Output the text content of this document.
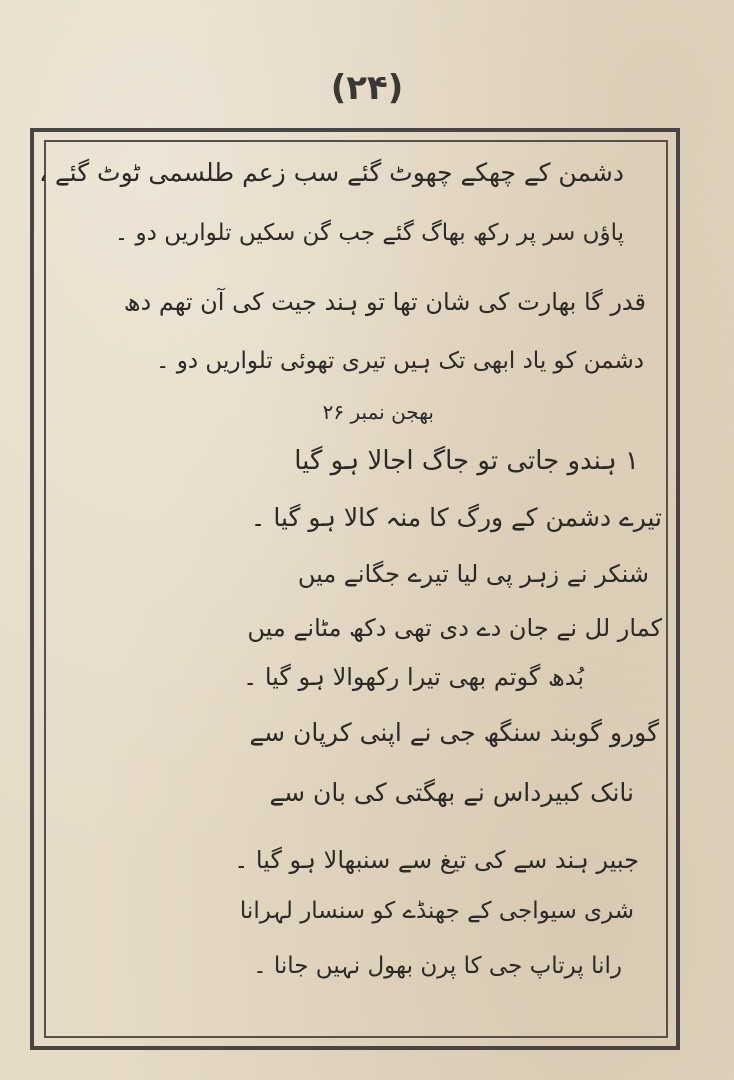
(۲۴)
دشمن کے چھکے چھوٹ گئے سب زعم طلسمی ٹوٹ گئے ،
پاؤں سر پر رکھ بھاگ گئے جب گن سکیں تلواریں دو ۔
قدر گا بھارت کی شان تھا تو ہند جیت کی آن تھم دھ
دشمن کو یاد ابھی تک ہیں تیری تھوئی تلواریں دو ۔
بھجن نمبر ۲۶
۱ ہندو جاتی تو جاگ اجالا ہو گیا
تیرے دشمن کے ورگ کا منہ کالا ہو گیا ۔
شنکر نے زہر پی لیا تیرے جگانے میں
کمار لل نے جان دے دی تھی دکھ مٹانے میں
بُدھ گوتم بھی تیرا رکھوالا ہو گیا ۔
گورو گوبند سنگھ جی نے اپنی کرپان سے
نانک کبیرداس نے بھگتی کی بان سے
جبیر ہند سے کی تیغ سے سنبھالا ہو گیا ۔
شری سیواجی کے جھنڈے کو سنسار لہرانا
رانا پرتاپ جی کا پرن بھول نہیں جانا ۔
